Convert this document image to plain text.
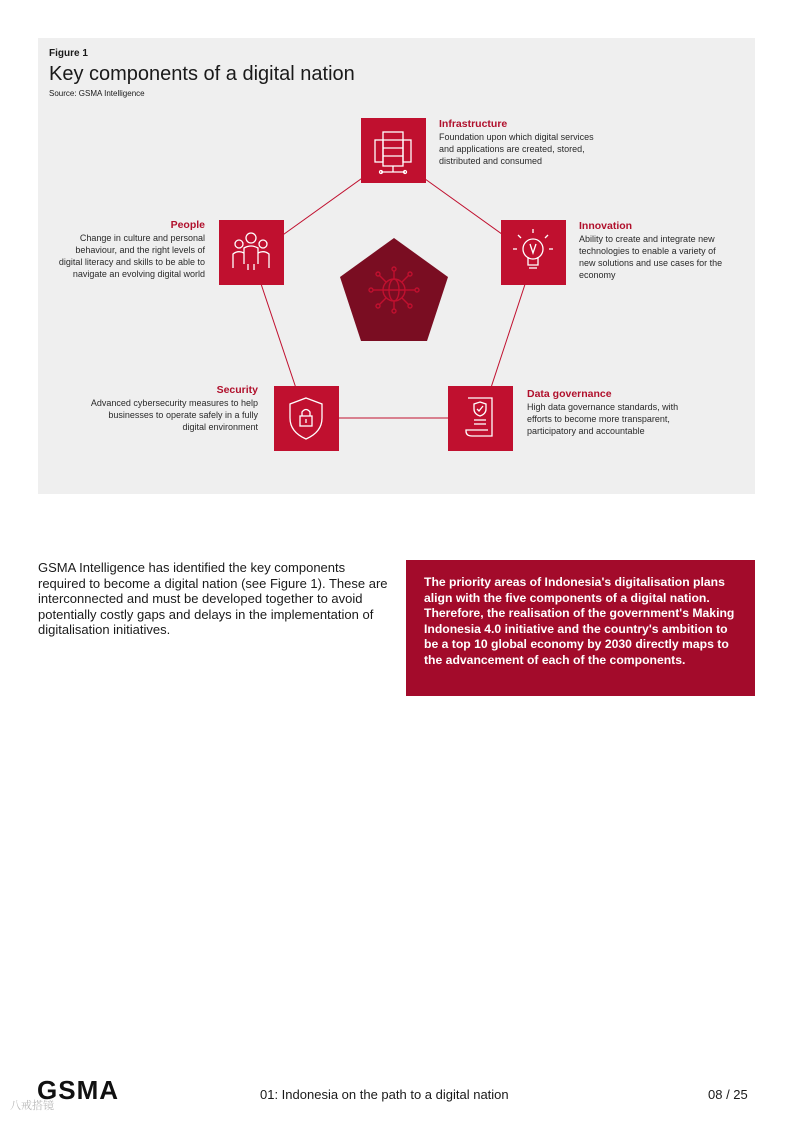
Figure 1
Key components of a digital nation
Source: GSMA Intelligence
Infrastructure
Foundation upon which digital services and applications are created, stored, distributed and consumed
Innovation
Ability to create and integrate new technologies to enable a variety of new solutions and use cases for the economy
Data governance
High data governance standards, with efforts to become more transparent, participatory and accountable
Security
Advanced cybersecurity measures to help businesses to operate safely in a fully digital environment
People
Change in culture and personal behaviour, and the right levels of digital literacy and skills to be able to navigate an evolving digital world
GSMA Intelligence has identified the key components required to become a digital nation (see Figure 1). These are interconnected and must be developed together to avoid potentially costly gaps and delays in the implementation of digitalisation initiatives.

The priority areas of Indonesia's digitalisation plans align with the five components of a digital nation. Therefore, the realisation of the government's Making Indonesia 4.0 initiative and the country's ambition to be a top 10 global economy by 2030 directly maps to the advancement of each of the components.

GSMA	01: Indonesia on the path to a digital nation	08 / 25
八戒搭镜
